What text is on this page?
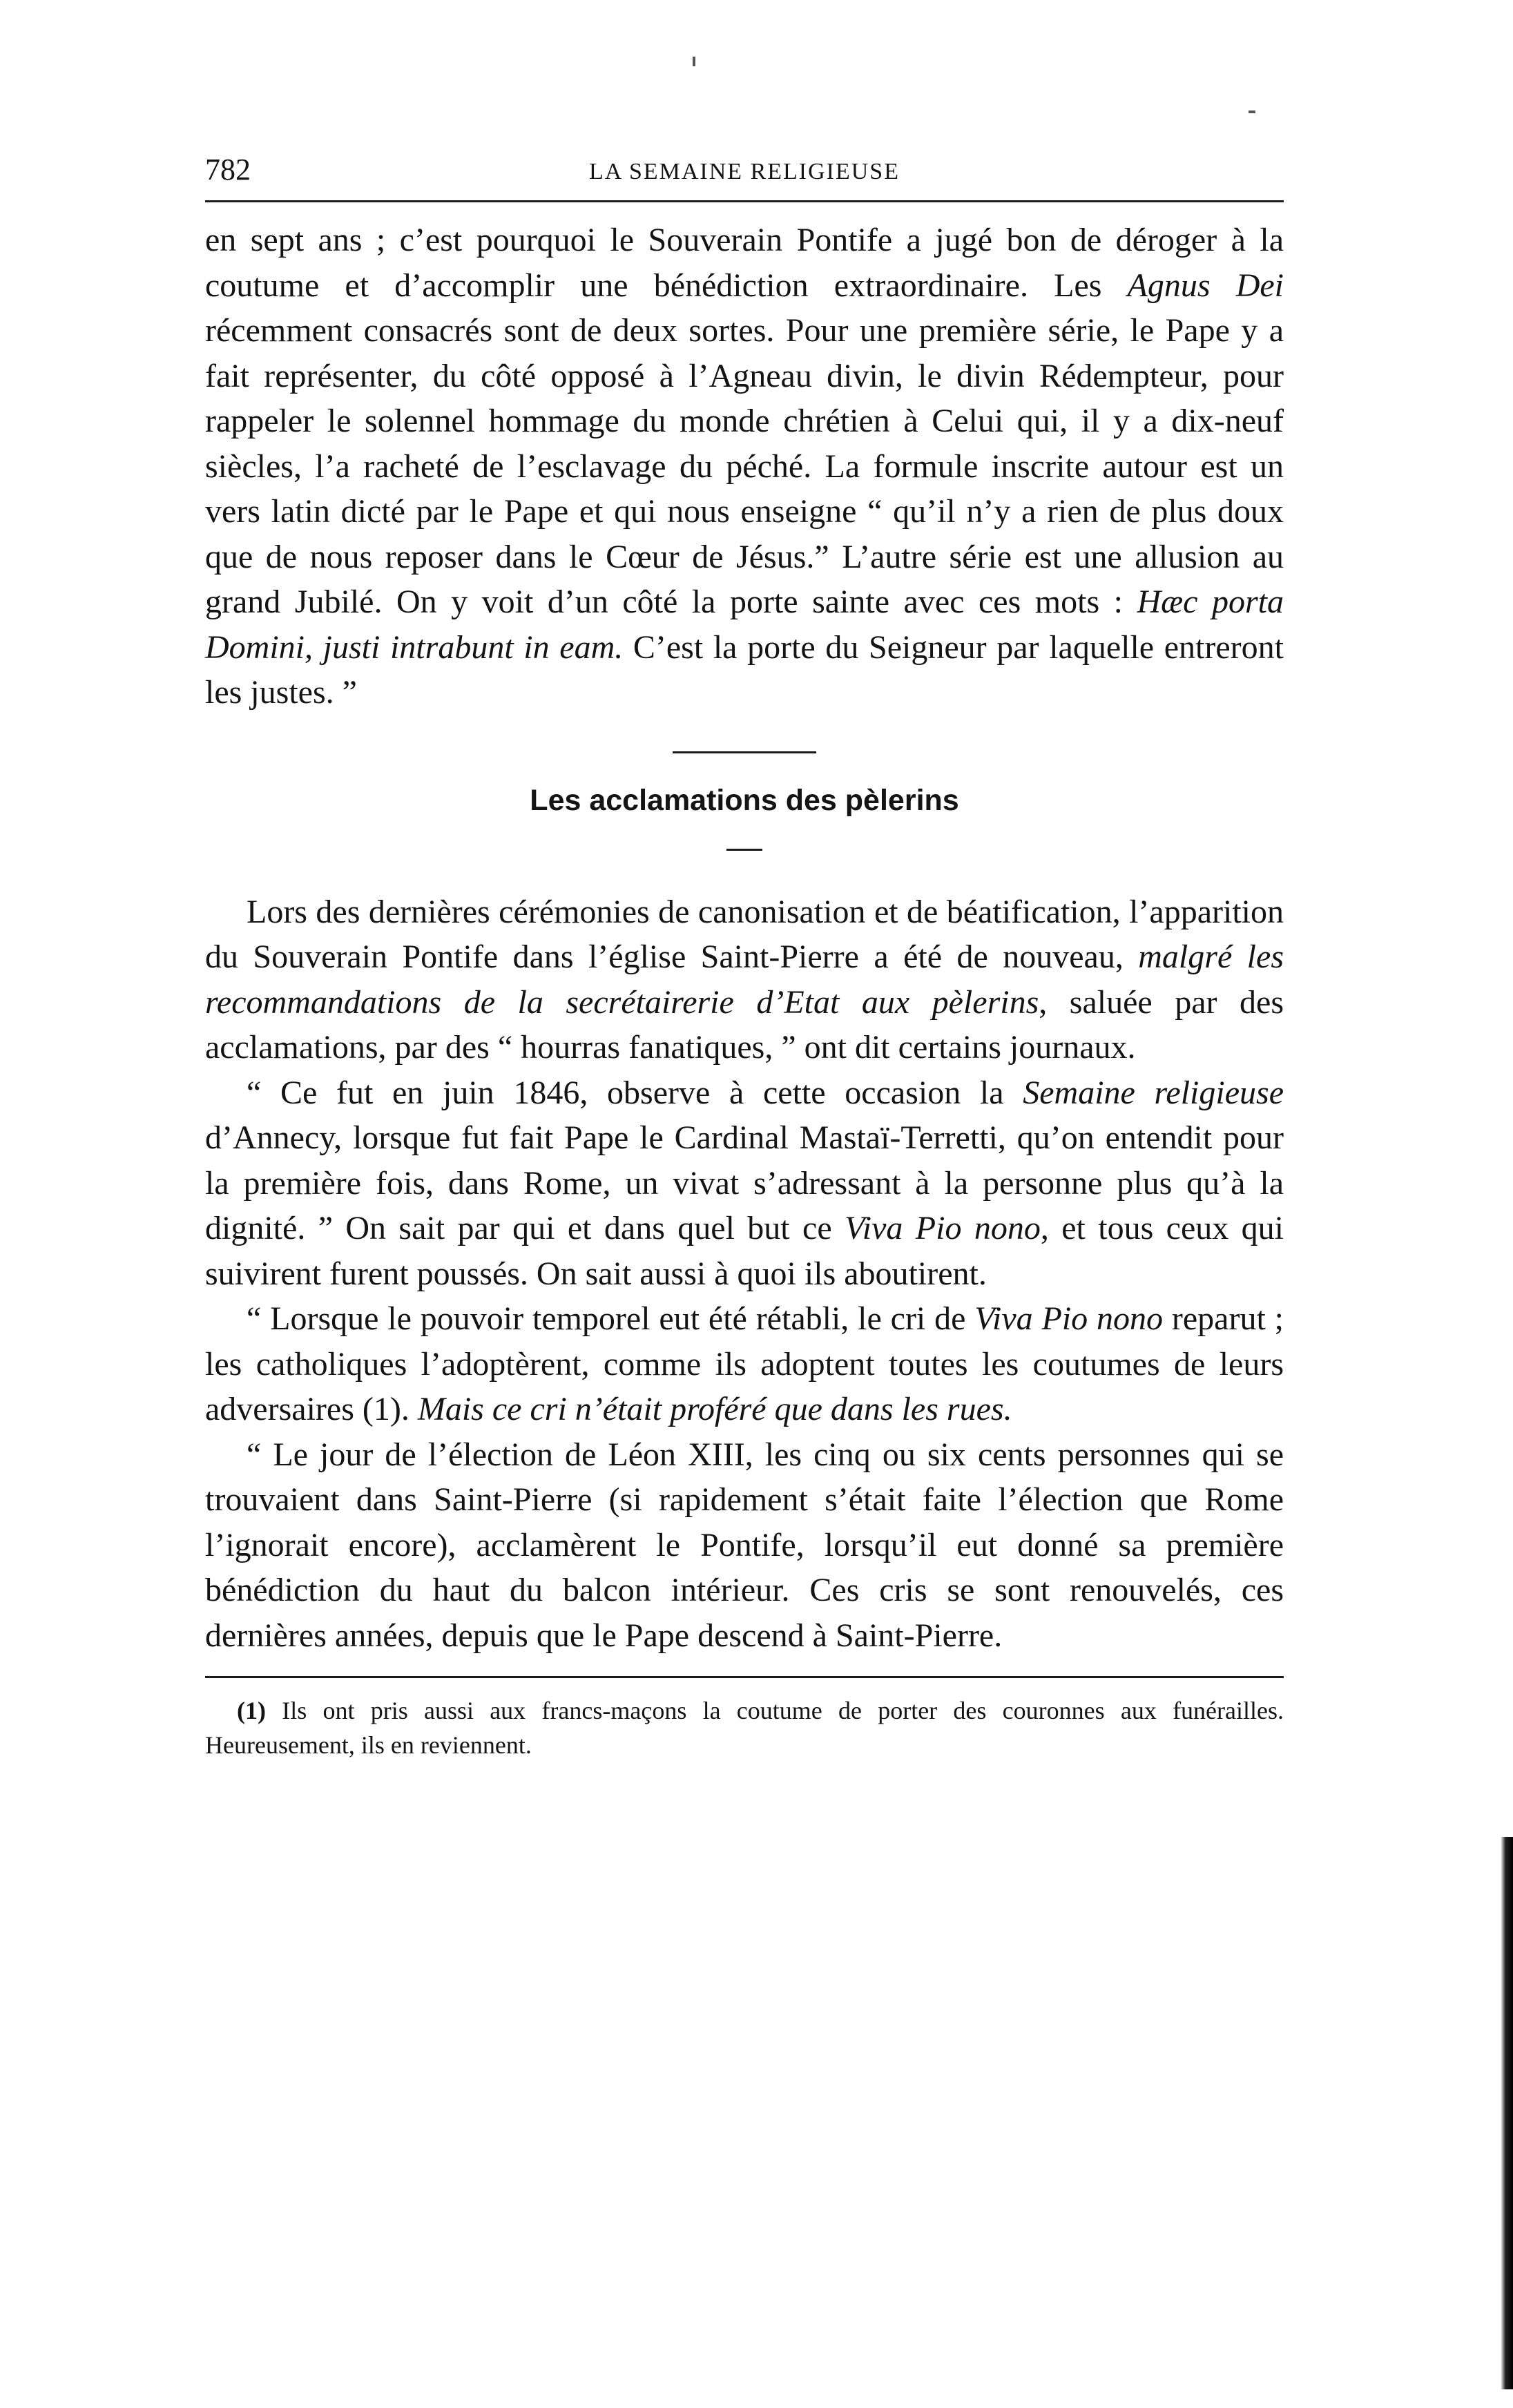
782	LA SEMAINE RELIGIEUSE

en sept ans ; c’est pourquoi le Souverain Pontife a jugé bon de déroger à la coutume et d’accomplir une bénédiction extraordinaire. Les Agnus Dei récemment consacrés sont de deux sortes. Pour une première série, le Pape y a fait représenter, du côté opposé à l’Agneau divin, le divin Rédempteur, pour rappeler le solennel hommage du monde chrétien à Celui qui, il y a dix-neuf siècles, l’a racheté de l’esclavage du péché. La formule inscrite autour est un vers latin dicté par le Pape et qui nous enseigne “ qu’il n’y a rien de plus doux que de nous reposer dans le Cœur de Jésus.” L’autre série est une allusion au grand Jubilé. On y voit d’un côté la porte sainte avec ces mots : Hæc porta Domini, justi intrabunt in eam. C’est la porte du Seigneur par laquelle entreront les justes. ”

Les acclamations des pèlerins

Lors des dernières cérémonies de canonisation et de béatification, l’apparition du Souverain Pontife dans l’église Saint-Pierre a été de nouveau, malgré les recommandations de la secrétairerie d’Etat aux pèlerins, saluée par des acclamations, par des “ hourras fanatiques, ” ont dit certains journaux.

“ Ce fut en juin 1846, observe à cette occasion la Semaine religieuse d’Annecy, lorsque fut fait Pape le Cardinal Mastaï-Terretti, qu’on entendit pour la première fois, dans Rome, un vivat s’adressant à la personne plus qu’à la dignité. ” On sait par qui et dans quel but ce Viva Pio nono, et tous ceux qui suivirent furent poussés. On sait aussi à quoi ils aboutirent.

“ Lorsque le pouvoir temporel eut été rétabli, le cri de Viva Pio nono reparut ; les catholiques l’adoptèrent, comme ils adoptent toutes les coutumes de leurs adversaires (1). Mais ce cri n’était proféré que dans les rues.

“ Le jour de l’élection de Léon XIII, les cinq ou six cents personnes qui se trouvaient dans Saint-Pierre (si rapidement s’était faite l’élection que Rome l’ignorait encore), acclamèrent le Pontife, lorsqu’il eut donné sa première bénédiction du haut du balcon intérieur. Ces cris se sont renouvelés, ces dernières années, depuis que le Pape descend à Saint-Pierre.

(1) Ils ont pris aussi aux francs-maçons la coutume de porter des couronnes aux funérailles. Heureusement, ils en reviennent.
